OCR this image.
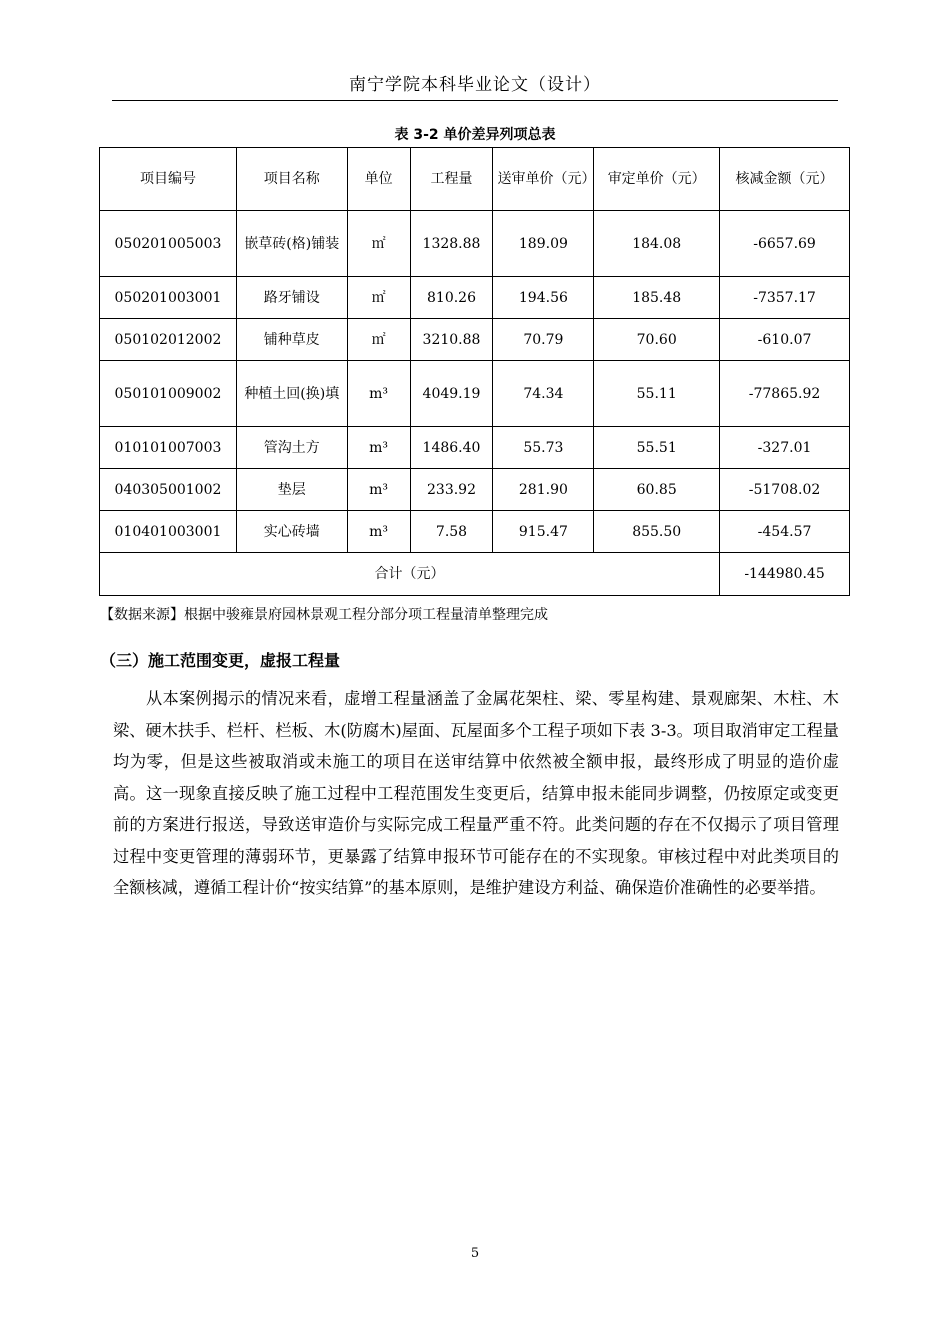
南宁学院本科毕业论文（设计）
表 3-2 单价差异列项总表
项目编号	项目名称	单位	工程量	送审单价（元）	审定单价（元）	核减金额（元）
050201005003	嵌草砖(格)铺装	㎡	1328.88	189.09	184.08	-6657.69
050201003001	路牙铺设	㎡	810.26	194.56	185.48	-7357.17
050102012002	铺种草皮	㎡	3210.88	70.79	70.60	-610.07
050101009002	种植土回(换)填	m³	4049.19	74.34	55.11	-77865.92
010101007003	管沟土方	m³	1486.40	55.73	55.51	-327.01
040305001002	垫层	m³	233.92	281.90	60.85	-51708.02
010401003001	实心砖墙	m³	7.58	915.47	855.50	-454.57
合计（元）						-144980.45
【数据来源】根据中骏雍景府园林景观工程分部分项工程量清单整理完成
（三）施工范围变更，虚报工程量

从本案例揭示的情况来看，虚增工程量涵盖了金属花架柱、梁、零星构建、景观廊架、木柱、木梁、硬木扶手、栏杆、栏板、木(防腐木)屋面、瓦屋面多个工程子项如下表 3-3。项目取消审定工程量均为零，但是这些被取消或未施工的项目在送审结算中依然被全额申报，最终形成了明显的造价虚高。这一现象直接反映了施工过程中工程范围发生变更后，结算申报未能同步调整，仍按原定或变更前的方案进行报送，导致送审造价与实际完成工程量严重不符。此类问题的存在不仅揭示了项目管理过程中变更管理的薄弱环节，更暴露了结算申报环节可能存在的不实现象。审核过程中对此类项目的全额核减，遵循工程计价“按实结算”的基本原则，是维护建设方利益、确保造价准确性的必要举措。

5
